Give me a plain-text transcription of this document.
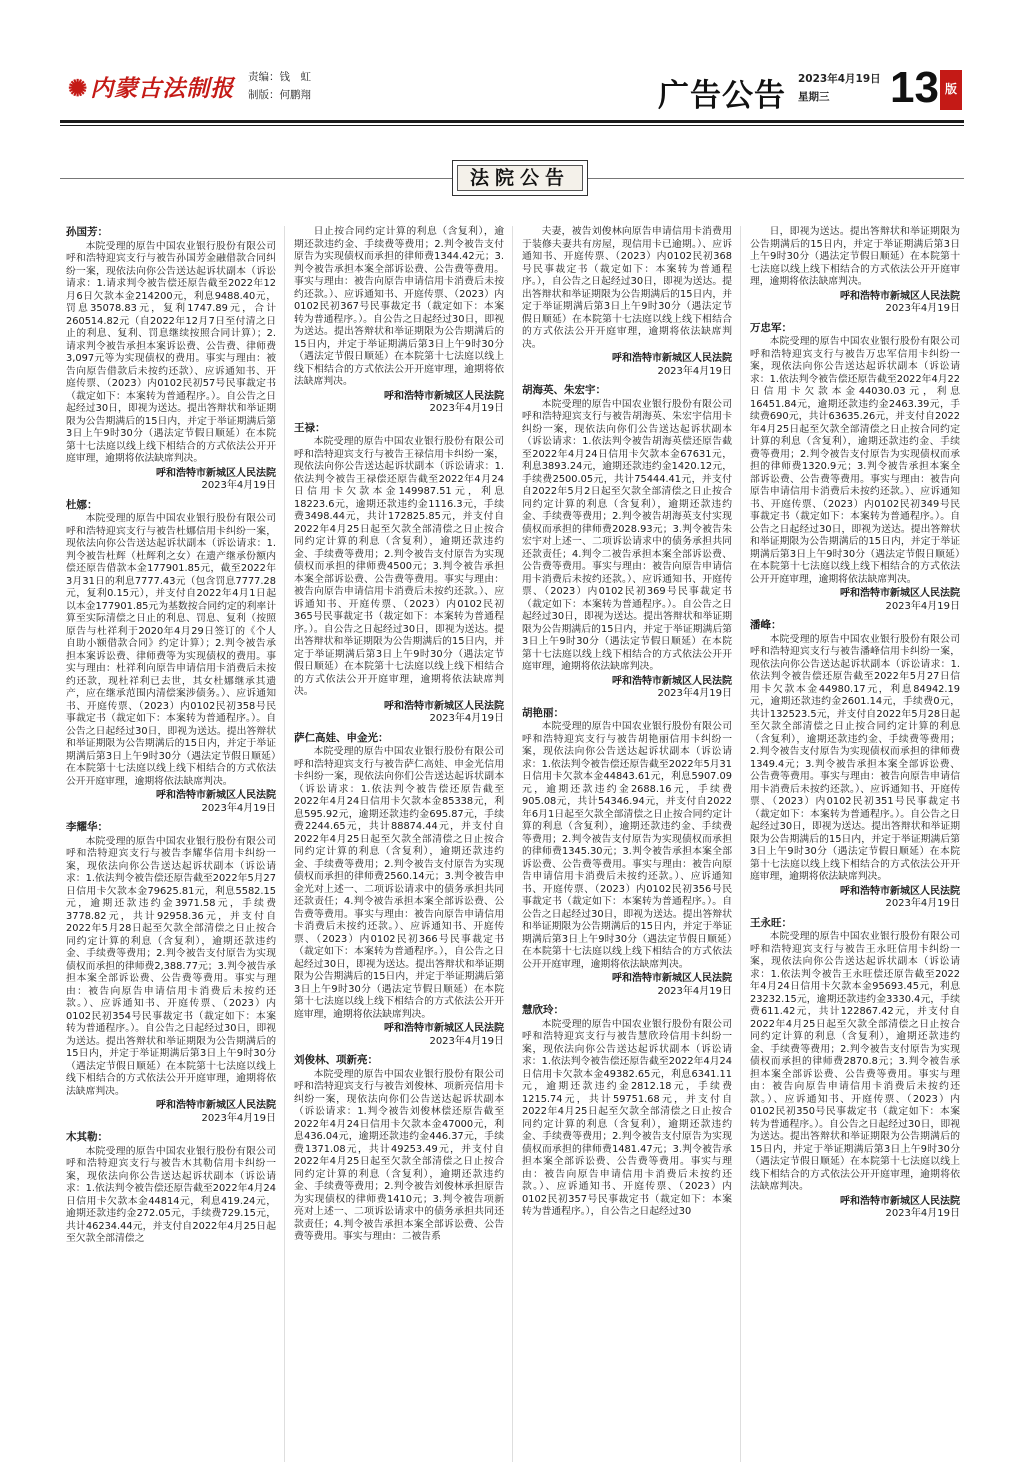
✺内蒙古法制报 责编：钱　虹
制版：何鹏翔	广告公告 2023年4月19日
星期三	13 版
法院公告
孙国芳：
本院受理的原告中国农业银行股份有限公司呼和浩特迎宾支行与被告孙国芳金融借款合同纠纷一案，现依法向你公告送达起诉状副本（诉讼请求：1.请求判令被告偿还原告截至2022年12月6日欠款本金214200元，利息9488.40元，罚息35078.83元，复利1747.89元，合计260514.82元（自2022年12月7日至付清之日止的利息、复利、罚息继续按照合同计算）；2.请求判令被告承担本案诉讼费、公告费、律师费3,097元等为实现债权的费用。事实与理由：被告向原告借款后未按约还款）、应诉通知书、开庭传票、（2023）内0102民初57号民事裁定书（裁定如下：本案转为普通程序。）。自公告之日起经过30日，即视为送达。提出答辩状和举证期限为公告期满后的15日内，并定于举证期满后第3日上午9时30分（遇法定节假日顺延）在本院第十七法庭以线上线下相结合的方式依法公开开庭审理，逾期将依法缺席判决。
呼和浩特市新城区人民法院
2023年4月19日
杜娜：
本院受理的原告中国农业银行股份有限公司呼和浩特迎宾支行与被告杜娜信用卡纠纷一案，现依法向你公告送达起诉状副本（诉讼请求：1.判令被告杜辉（杜辉利之女）在遗产继承份额内偿还原告借款本金177901.85元，截至2022年3月31日的利息7777.43元（包含罚息7777.28元，复利0.15元），并支付自2022年4月1日起以本金177901.85元为基数按合同约定的利率计算至实际清偿之日止的利息、罚息、复利（按照原告与杜祥利于2020年4月29日签订的《个人自助小额借款合同》约定计算）；2.判令被告承担本案诉讼费、律师费等为实现债权的费用。事实与理由：杜祥利向原告申请信用卡消费后未按约还款，现杜祥利已去世，其女杜娜继承其遗产，应在继承范围内清偿案涉债务。）、应诉通知书、开庭传票、（2023）内0102民初358号民事裁定书（裁定如下：本案转为普通程序。）。自公告之日起经过30日，即视为送达。提出答辩状和举证期限为公告期满后的15日内，并定于举证期满后第3日上午9时30分（遇法定节假日顺延）在本院第十七法庭以线上线下相结合的方式依法公开开庭审理，逾期将依法缺席判决。
呼和浩特市新城区人民法院
2023年4月19日
李耀华：
本院受理的原告中国农业银行股份有限公司呼和浩特迎宾支行与被告李耀华信用卡纠纷一案，现依法向你公告送达起诉状副本（诉讼请求：1.依法判令被告偿还原告截至2022年5月27日信用卡欠款本金79625.81元，利息5582.15元，逾期还款违约金3971.58元，手续费3778.82元，共计92958.36元，并支付自2022年5月28日起至欠款全部清偿之日止按合同约定计算的利息（含复利），逾期还款违约金、手续费等费用；2.判令被告支付原告为实现债权而承担的律师费2,388.77元；3.判令被告承担本案全部诉讼费、公告费等费用。事实与理由：被告向原告申请信用卡消费后未按约还款。）、应诉通知书、开庭传票、（2023）内0102民初354号民事裁定书（裁定如下：本案转为普通程序。）。自公告之日起经过30日，即视为送达。提出答辩状和举证期限为公告期满后的15日内，并定于举证期满后第3日上午9时30分（遇法定节假日顺延）在本院第十七法庭以线上线下相结合的方式依法公开开庭审理，逾期将依法缺席判决。
呼和浩特市新城区人民法院
2023年4月19日
木其勒：
本院受理的原告中国农业银行股份有限公司呼和浩特迎宾支行与被告木其勒信用卡纠纷一案，现依法向你公告送达起诉状副本（诉讼请求：1.依法判令被告偿还原告截至2022年4月24日信用卡欠款本金44814元，利息419.24元，逾期还款违约金272.05元，手续费729.15元，共计46234.44元，并支付自2022年4月25日起至欠款全部清偿之
日止按合同约定计算的利息（含复利），逾期还款违约金、手续费等费用；2.判令被告支付原告为实现债权而承担的律师费1344.42元；3.判令被告承担本案全部诉讼费、公告费等费用。事实与理由：被告向原告申请信用卡消费后未按约还款。）、应诉通知书、开庭传票、（2023）内0102民初367号民事裁定书（裁定如下：本案转为普通程序。）。自公告之日起经过30日，即视为送达。提出答辩状和举证期限为公告期满后的15日内，并定于举证期满后第3日上午9时30分（遇法定节假日顺延）在本院第十七法庭以线上线下相结合的方式依法公开开庭审理，逾期将依法缺席判决。
呼和浩特市新城区人民法院
2023年4月19日
王禄：
本院受理的原告中国农业银行股份有限公司呼和浩特迎宾支行与被告王禄信用卡纠纷一案，现依法向你公告送达起诉状副本（诉讼请求：1.依法判令被告王禄偿还原告截至2022年4月24日信用卡欠款本金149987.51元，利息18223.6元，逾期还款违约金1116.3元，手续费3498.44元，共计172825.85元，并支付自2022年4月25日起至欠款全部清偿之日止按合同约定计算的利息（含复利），逾期还款违约金、手续费等费用；2.判令被告支付原告为实现债权而承担的律师费4500元；3.判令被告承担本案全部诉讼费、公告费等费用。事实与理由：被告向原告申请信用卡消费后未按约还款。）、应诉通知书、开庭传票、（2023）内0102民初365号民事裁定书（裁定如下：本案转为普通程序。）。自公告之日起经过30日，即视为送达。提出答辩状和举证期限为公告期满后的15日内，并定于举证期满后第3日上午9时30分（遇法定节假日顺延）在本院第十七法庭以线上线下相结合的方式依法公开开庭审理，逾期将依法缺席判决。
呼和浩特市新城区人民法院
2023年4月19日
萨仁高娃、申金光：
本院受理的原告中国农业银行股份有限公司呼和浩特迎宾支行与被告萨仁高娃、申金光信用卡纠纷一案，现依法向你们公告送达起诉状副本（诉讼请求：1.依法判令被告偿还原告截至2022年4月24日信用卡欠款本金85338元，利息595.92元，逾期还款违约金695.87元，手续费2244.65元，共计88874.44元，并支付自2022年4月25日起至欠款全部清偿之日止按合同约定计算的利息（含复利），逾期还款违约金、手续费等费用；2.判令被告支付原告为实现债权而承担的律师费2560.14元；3.判令被告申金光对上述一、二项诉讼请求中的债务承担共同还款责任；4.判令被告承担本案全部诉讼费、公告费等费用。事实与理由：被告向原告申请信用卡消费后未按约还款。）、应诉通知书、开庭传票、（2023）内0102民初366号民事裁定书（裁定如下：本案转为普通程序。），自公告之日起经过30日，即视为送达。提出答辩状和举证期限为公告期满后的15日内，并定于举证期满后第3日上午9时30分（遇法定节假日顺延）在本院第十七法庭以线上线下相结合的方式依法公开开庭审理，逾期将依法缺席判决。
呼和浩特市新城区人民法院
2023年4月19日
刘俊林、项新亮：
本院受理的原告中国农业银行股份有限公司呼和浩特迎宾支行与被告刘俊林、项新亮信用卡纠纷一案，现依法向你们公告送达起诉状副本（诉讼请求：1.判令被告刘俊林偿还原告截至2022年4月24日信用卡欠款本金47000元，利息436.04元，逾期还款违约金446.37元，手续费1371.08元，共计49253.49元，并支付自2022年4月25日起至欠款全部清偿之日止按合同约定计算的利息（含复利），逾期还款违约金、手续费等费用；2.判令被告刘俊林承担原告为实现债权的律师费1410元；3.判令被告项新亮对上述一、二项诉讼请求中的债务承担共同还款责任；4.判令被告承担本案全部诉讼费、公告费等费用。事实与理由：二被告系
夫妻，被告刘俊林向原告申请信用卡消费用于装修夫妻共有房屋，现信用卡已逾期。）、应诉通知书、开庭传票、（2023）内0102民初368号民事裁定书（裁定如下：本案转为普通程序。），自公告之日起经过30日，即视为送达。提出答辩状和举证期限为公告期满后的15日内，并定于举证期满后第3日上午9时30分（遇法定节假日顺延）在本院第十七法庭以线上线下相结合的方式依法公开开庭审理，逾期将依法缺席判决。
呼和浩特市新城区人民法院
2023年4月19日
胡海英、朱宏宇：
本院受理的原告中国农业银行股份有限公司呼和浩特迎宾支行与被告胡海英、朱宏宇信用卡纠纷一案，现依法向你们公告送达起诉状副本（诉讼请求：1.依法判令被告胡海英偿还原告截至2022年4月24日信用卡欠款本金67631元，利息3893.24元，逾期还款违约金1420.12元，手续费2500.05元，共计75444.41元，并支付自2022年5月2日起至欠款全部清偿之日止按合同约定计算的利息（含复利），逾期还款违约金、手续费等费用；2.判令被告胡海英支付实现债权而承担的律师费2028.93元；3.判令被告朱宏宇对上述一、二项诉讼请求中的债务承担共同还款责任；4.判令二被告承担本案全部诉讼费、公告费等费用。事实与理由：被告向原告申请信用卡消费后未按约还款。）、应诉通知书、开庭传票、（2023）内0102民初369号民事裁定书（裁定如下：本案转为普通程序。）。自公告之日起经过30日，即视为送达。提出答辩状和举证期限为公告期满后的15日内，并定于举证期满后第3日上午9时30分（遇法定节假日顺延）在本院第十七法庭以线上线下相结合的方式依法公开开庭审理，逾期将依法缺席判决。
呼和浩特市新城区人民法院
2023年4月19日
胡艳丽：
本院受理的原告中国农业银行股份有限公司呼和浩特迎宾支行与被告胡艳丽信用卡纠纷一案，现依法向你公告送达起诉状副本（诉讼请求：1.依法判令被告偿还原告截至2022年5月31日信用卡欠款本金44843.61元，利息5907.09元，逾期还款违约金2688.16元，手续费905.08元，共计54346.94元，并支付自2022年6月1日起至欠款全部清偿之日止按合同约定计算的利息（含复利），逾期还款违约金、手续费等费用；2.判令被告支付原告为实现债权而承担的律师费1345.30元；3.判令被告承担本案全部诉讼费、公告费等费用。事实与理由：被告向原告申请信用卡消费后未按约还款。）、应诉通知书、开庭传票、（2023）内0102民初356号民事裁定书（裁定如下：本案转为普通程序。）。自公告之日起经过30日，即视为送达。提出答辩状和举证期限为公告期满后的15日内，并定于举证期满后第3日上午9时30分（遇法定节假日顺延）在本院第十七法庭以线上线下相结合的方式依法公开开庭审理，逾期将依法缺席判决。
呼和浩特市新城区人民法院
2023年4月19日
慧欣玲：
本院受理的原告中国农业银行股份有限公司呼和浩特迎宾支行与被告慧欣玲信用卡纠纷一案，现依法向你公告送达起诉状副本（诉讼请求：1.依法判令被告偿还原告截至2022年4月24日信用卡欠款本金49382.65元，利息6341.11元，逾期还款违约金2812.18元，手续费1215.74元，共计59751.68元，并支付自2022年4月25日起至欠款全部清偿之日止按合同约定计算的利息（含复利），逾期还款违约金、手续费等费用；2.判令被告支付原告为实现债权而承担的律师费1481.47元；3.判令被告承担本案全部诉讼费、公告费等费用。事实与理由：被告向原告申请信用卡消费后未按约还款。）、应诉通知书、开庭传票、（2023）内0102民初357号民事裁定书（裁定如下：本案转为普通程序。），自公告之日起经过30
日，即视为送达。提出答辩状和举证期限为公告期满后的15日内，并定于举证期满后第3日上午9时30分（遇法定节假日顺延）在本院第十七法庭以线上线下相结合的方式依法公开开庭审理，逾期将依法缺席判决。
呼和浩特市新城区人民法院
2023年4月19日
万忠军：
本院受理的原告中国农业银行股份有限公司呼和浩特迎宾支行与被告万忠军信用卡纠纷一案，现依法向你公告送达起诉状副本（诉讼请求：1.依法判令被告偿还原告截至2022年4月22日信用卡欠款本金44030.03元，利息16451.84元，逾期还款违约金2463.39元，手续费690元，共计63635.26元，并支付自2022年4月25日起至欠款全部清偿之日止按合同约定计算的利息（含复利），逾期还款违约金、手续费等费用；2.判令被告支付原告为实现债权而承担的律师费1320.9元；3.判令被告承担本案全部诉讼费、公告费等费用。事实与理由：被告向原告申请信用卡消费后未按约还款。）、应诉通知书、开庭传票、（2023）内0102民初349号民事裁定书（裁定如下：本案转为普通程序。）。自公告之日起经过30日，即视为送达。提出答辩状和举证期限为公告期满后的15日内，并定于举证期满后第3日上午9时30分（遇法定节假日顺延）在本院第十七法庭以线上线下相结合的方式依法公开开庭审理，逾期将依法缺席判决。
呼和浩特市新城区人民法院
2023年4月19日
潘峰：
本院受理的原告中国农业银行股份有限公司呼和浩特迎宾支行与被告潘峰信用卡纠纷一案，现依法向你公告送达起诉状副本（诉讼请求：1.依法判令被告偿还原告截至2022年5月27日信用卡欠款本金44980.17元，利息84942.19元，逾期还款违约金2601.14元，手续费0元，共计132523.5元，并支付自2022年5月28日起至欠款全部清偿之日止按合同约定计算的利息（含复利），逾期还款违约金、手续费等费用；2.判令被告支付原告为实现债权而承担的律师费1349.4元；3.判令被告承担本案全部诉讼费、公告费等费用。事实与理由：被告向原告申请信用卡消费后未按约还款。）、应诉通知书、开庭传票、（2023）内0102民初351号民事裁定书（裁定如下：本案转为普通程序。）。自公告之日起经过30日，即视为送达。提出答辩状和举证期限为公告期满后的15日内，并定于举证期满后第3日上午9时30分（遇法定节假日顺延）在本院第十七法庭以线上线下相结合的方式依法公开开庭审理，逾期将依法缺席判决。
呼和浩特市新城区人民法院
2023年4月19日
王永旺：
本院受理的原告中国农业银行股份有限公司呼和浩特迎宾支行与被告王永旺信用卡纠纷一案，现依法向你公告送达起诉状副本（诉讼请求：1.依法判令被告王永旺偿还原告截至2022年4月24日信用卡欠款本金95693.45元，利息23232.15元，逾期还款违约金3330.4元，手续费611.42元，共计122867.42元，并支付自2022年4月25日起至欠款全部清偿之日止按合同约定计算的利息（含复利），逾期还款违约金、手续费等费用；2.判令被告支付原告为实现债权而承担的律师费2870.8元；3.判令被告承担本案全部诉讼费、公告费等费用。事实与理由：被告向原告申请信用卡消费后未按约还款。）、应诉通知书、开庭传票、（2023）内0102民初350号民事裁定书（裁定如下：本案转为普通程序。）。自公告之日起经过30日，即视为送达。提出答辩状和举证期限为公告期满后的15日内，并定于举证期满后第3日上午9时30分（遇法定节假日顺延）在本院第十七法庭以线上线下相结合的方式依法公开开庭审理，逾期将依法缺席判决。
呼和浩特市新城区人民法院
2023年4月19日
